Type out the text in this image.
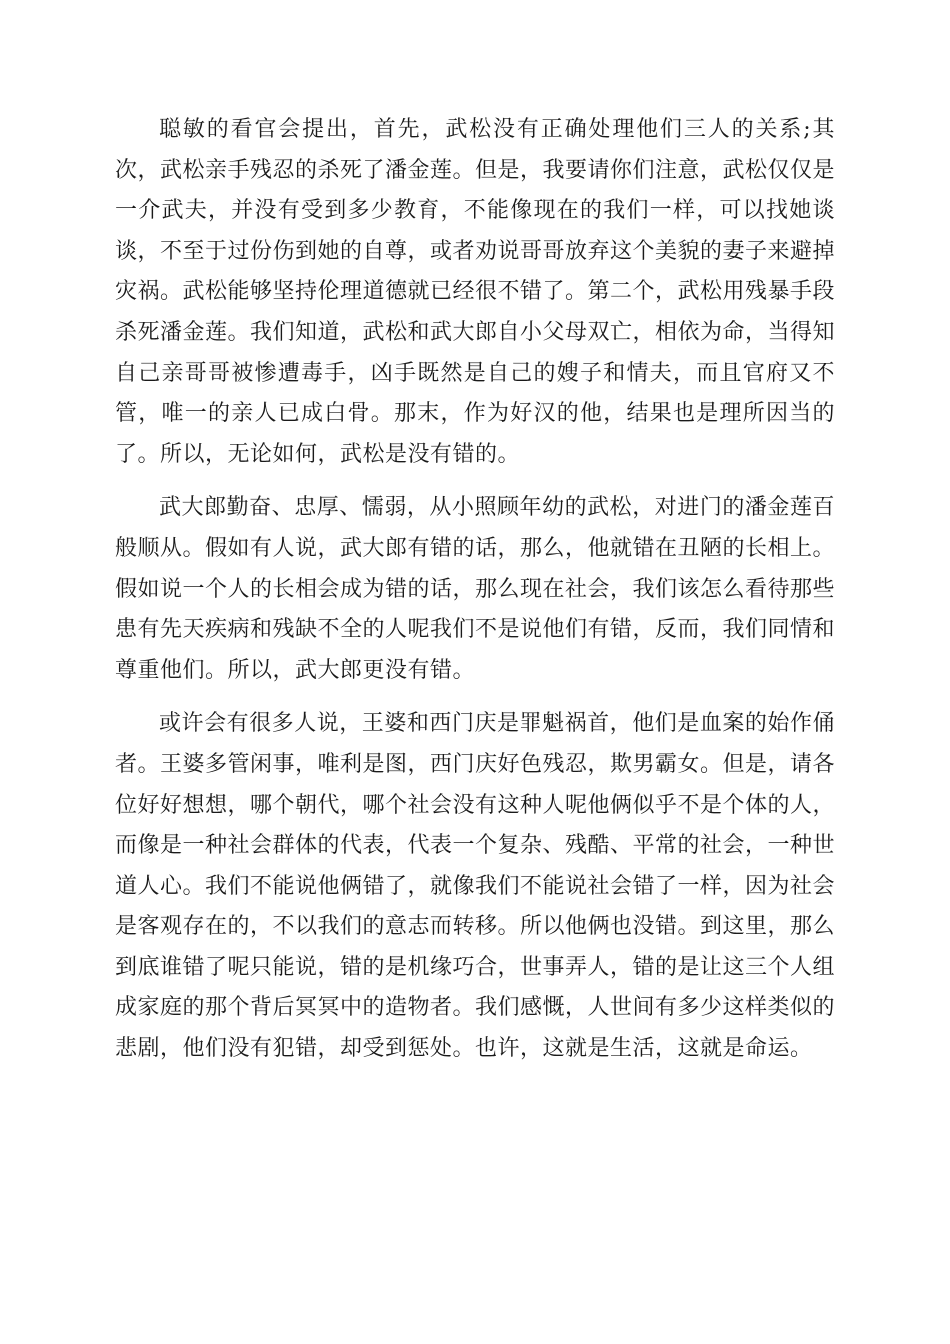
聪敏的看官会提出，首先，武松没有正确处理他们三人的关系;其次，武松亲手残忍的杀死了潘金莲。但是，我要请你们注意，武松仅仅是一介武夫，并没有受到多少教育，不能像现在的我们一样，可以找她谈谈，不至于过份伤到她的自尊，或者劝说哥哥放弃这个美貌的妻子来避掉灾祸。武松能够坚持伦理道德就已经很不错了。第二个，武松用残暴手段杀死潘金莲。我们知道，武松和武大郎自小父母双亡，相依为命，当得知自己亲哥哥被惨遭毒手，凶手既然是自己的嫂子和情夫，而且官府又不管，唯一的亲人已成白骨。那末，作为好汉的他，结果也是理所因当的了。所以，无论如何，武松是没有错的。

武大郎勤奋、忠厚、懦弱，从小照顾年幼的武松，对进门的潘金莲百般顺从。假如有人说，武大郎有错的话，那么，他就错在丑陋的长相上。假如说一个人的长相会成为错的话，那么现在社会，我们该怎么看待那些患有先天疾病和残缺不全的人呢我们不是说他们有错，反而，我们同情和尊重他们。所以，武大郎更没有错。

或许会有很多人说，王婆和西门庆是罪魁祸首，他们是血案的始作俑者。王婆多管闲事，唯利是图，西门庆好色残忍，欺男霸女。但是，请各位好好想想，哪个朝代，哪个社会没有这种人呢他俩似乎不是个体的人，而像是一种社会群体的代表，代表一个复杂、残酷、平常的社会，一种世道人心。我们不能说他俩错了，就像我们不能说社会错了一样，因为社会是客观存在的，不以我们的意志而转移。所以他俩也没错。到这里，那么到底谁错了呢只能说，错的是机缘巧合，世事弄人，错的是让这三个人组成家庭的那个背后冥冥中的造物者。我们感慨，人世间有多少这样类似的悲剧，他们没有犯错，却受到惩处。也许，这就是生活，这就是命运。
